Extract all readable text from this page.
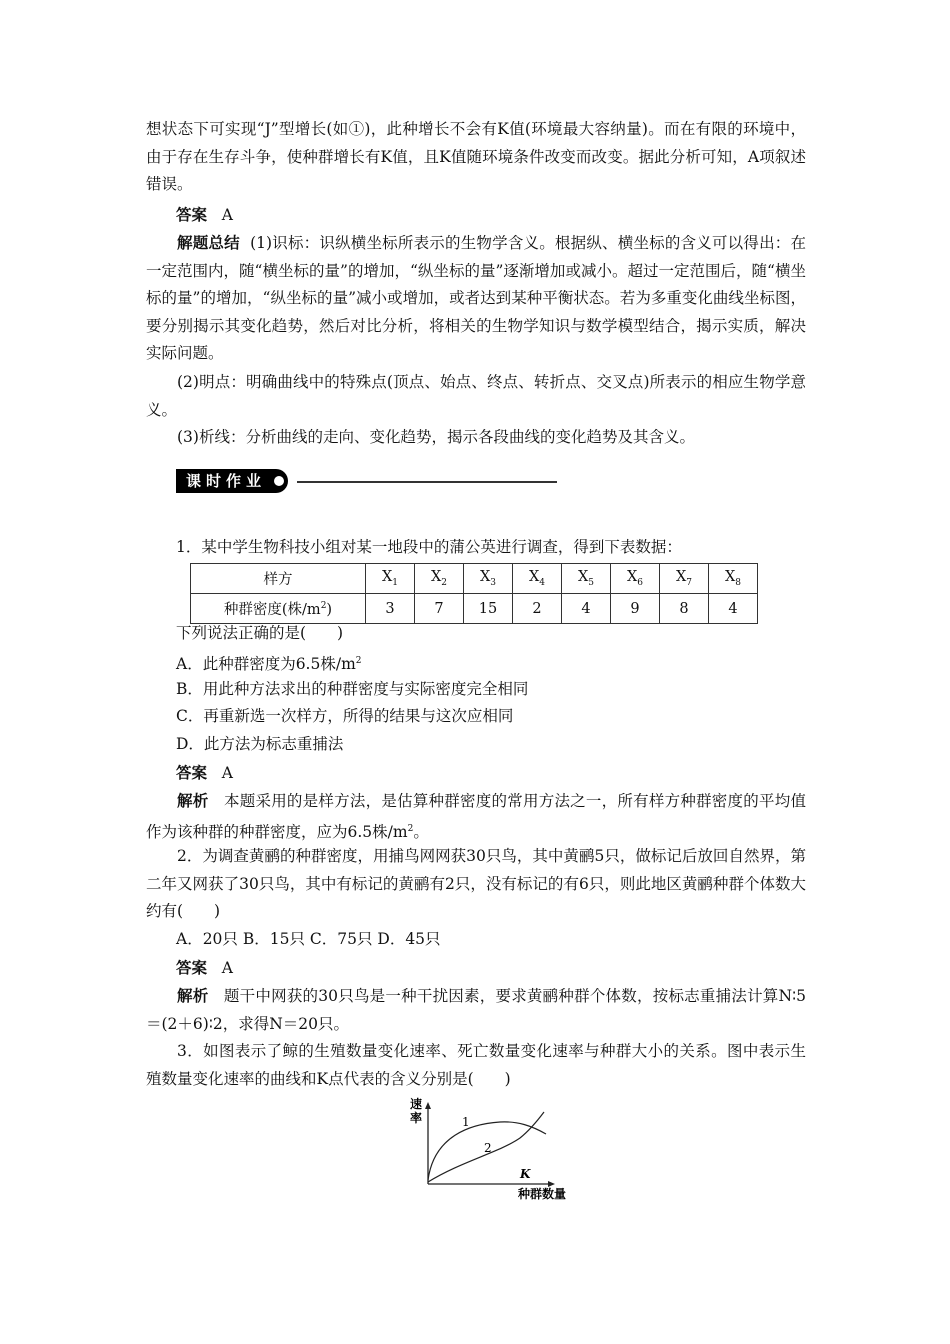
想状态下可实现“J”型增长(如①)，此种增长不会有K值(环境最大容纳量)。而在有限的环境中，由于存在生存斗争，使种群增长有K值，且K值随环境条件改变而改变。据此分析可知，A项叙述错误。
答案 A
解题总结 (1)识标：识纵横坐标所表示的生物学含义。根据纵、横坐标的含义可以得出：在一定范围内，随“横坐标的量”的增加，“纵坐标的量”逐渐增加或减小。超过一定范围后，随“横坐标的量”的增加，“纵坐标的量”减小或增加，或者达到某种平衡状态。若为多重变化曲线坐标图，要分别揭示其变化趋势，然后对比分析，将相关的生物学知识与数学模型结合，揭示实质，解决实际问题。
(2)明点：明确曲线中的特殊点(顶点、始点、终点、转折点、交叉点)所表示的相应生物学意义。
(3)析线：分析曲线的走向、变化趋势，揭示各段曲线的变化趋势及其含义。
课时作业
1．某中学生物科技小组对某一地段中的蒲公英进行调查，得到下表数据：
样方	$X_1$	$X_2$	$X_3$	$X_4$	$X_5$	$X_6$	$X_7$	$X_8$
种群密度(株$/m^2$)	3	7	15	2	4	9	8	4
下列说法正确的是(　　)
A．此种群密度为6.5株$/m^2$
B．用此种方法求出的种群密度与实际密度完全相同
C．再重新选一次样方，所得的结果与这次应相同
D．此方法为标志重捕法
答案 A
解析 本题采用的是样方法，是估算种群密度的常用方法之一，所有样方种群密度的平均值作为该种群的种群密度，应为6.5株$/m^2$。
2．为调查黄鹂的种群密度，用捕鸟网网获30只鸟，其中黄鹂5只，做标记后放回自然界，第二年又网获了30只鸟，其中有标记的黄鹂有2只，没有标记的有6只，则此地区黄鹂种群个体数大约有(　　)
A．20只 B．15只 C．75只 D．45只
答案 A
解析 题干中网获的30只鸟是一种干扰因素，要求黄鹂种群个体数，按标志重捕法计算N∶5＝(2＋6)∶2，求得N＝20只。
3．如图表示了鲸的生殖数量变化速率、死亡数量变化速率与种群大小的关系。图中表示生殖数量变化速率的曲线和K点代表的含义分别是(　　)
速
率	1
2
K
种群数量
